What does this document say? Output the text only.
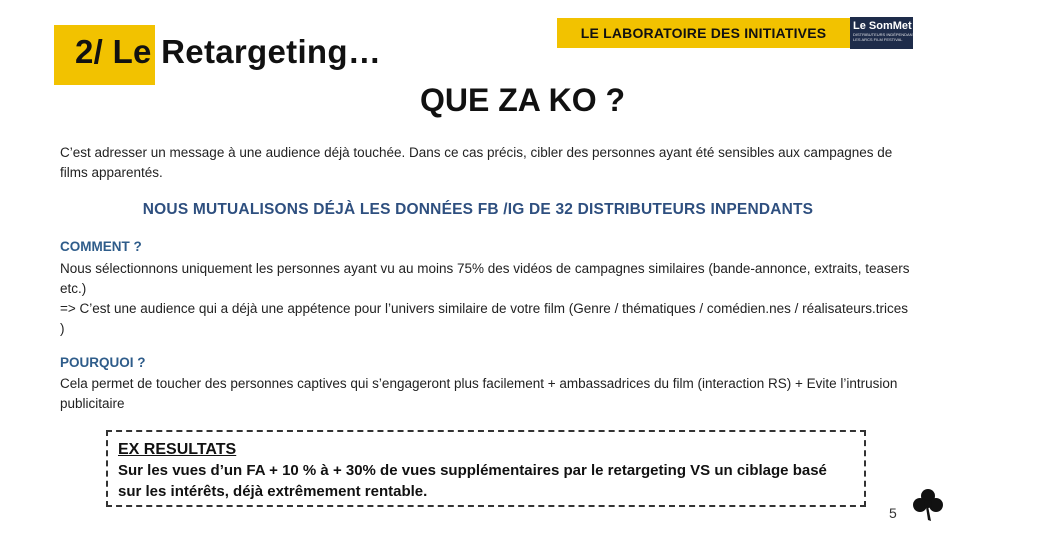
2/ Le Retargeting…	LE LABORATOIRE DES INITIATIVES Le SomMet
DISTRIBUTEURS INDÉPENDANTS
LES ARCS FILM FESTIVAL
QUE ZA KO ?
C’est adresser un message à une audience déjà touchée. Dans ce cas précis, cibler des personnes ayant été sensibles aux campagnes de films apparentés.
NOUS MUTUALISONS DÉJÀ LES DONNÉES FB /IG DE 32 DISTRIBUTEURS INPENDANTS
COMMENT ?
Nous sélectionnons uniquement les personnes ayant vu au moins 75% des vidéos de campagnes similaires (bande-annonce, extraits, teasers etc.)
=> C’est une audience qui a déjà une appétence pour l’univers similaire de votre film (Genre / thématiques / comédien.nes / réalisateurs.trices )
POURQUOI ?
Cela permet de toucher des personnes captives qui s’engageront plus facilement + ambassadrices du film (interaction RS) + Evite l’intrusion publicitaire
EX RESULTATS
Sur les vues d’un FA + 10 % à + 30% de vues supplémentaires par le retargeting VS un ciblage basé sur les intérêts, déjà extrêmement rentable.
5
